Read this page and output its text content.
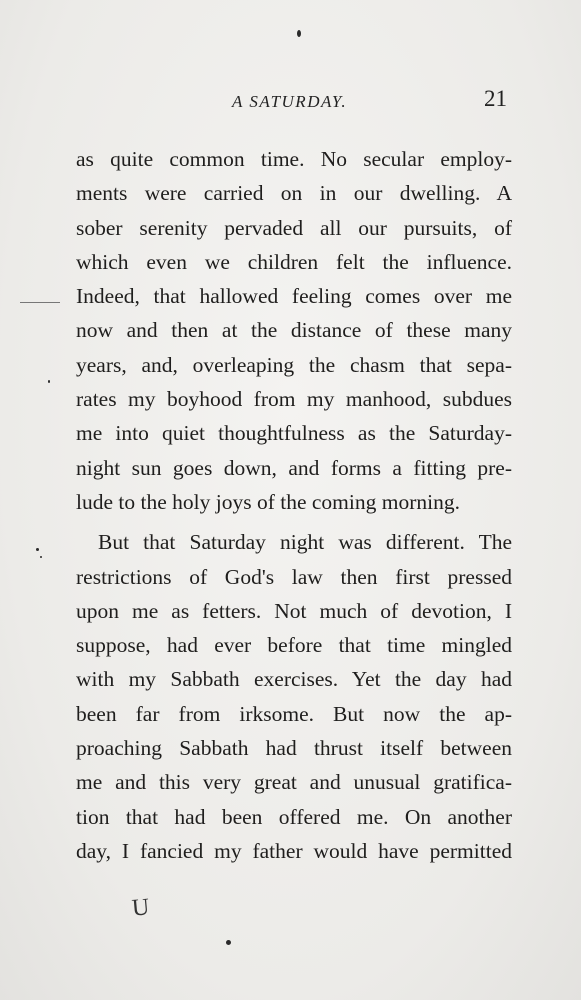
A SATURDAY.	21
as quite common time. No secular employ-
ments were carried on in our dwelling. A
sober serenity pervaded all our pursuits, of
which even we children felt the influence.
Indeed, that hallowed feeling comes over me
now and then at the distance of these many
years, and, overleaping the chasm that sepa-
rates my boyhood from my manhood, subdues
me into quiet thoughtfulness as the Saturday-
night sun goes down, and forms a fitting pre-
lude to the holy joys of the coming morning.
But that Saturday night was different. The
restrictions of God's law then first pressed
upon me as fetters. Not much of devotion, I
suppose, had ever before that time mingled
with my Sabbath exercises. Yet the day had
been far from irksome. But now the ap-
proaching Sabbath had thrust itself between
me and this very great and unusual gratifica-
tion that had been offered me. On another
day, I fancied my father would have permitted
U
